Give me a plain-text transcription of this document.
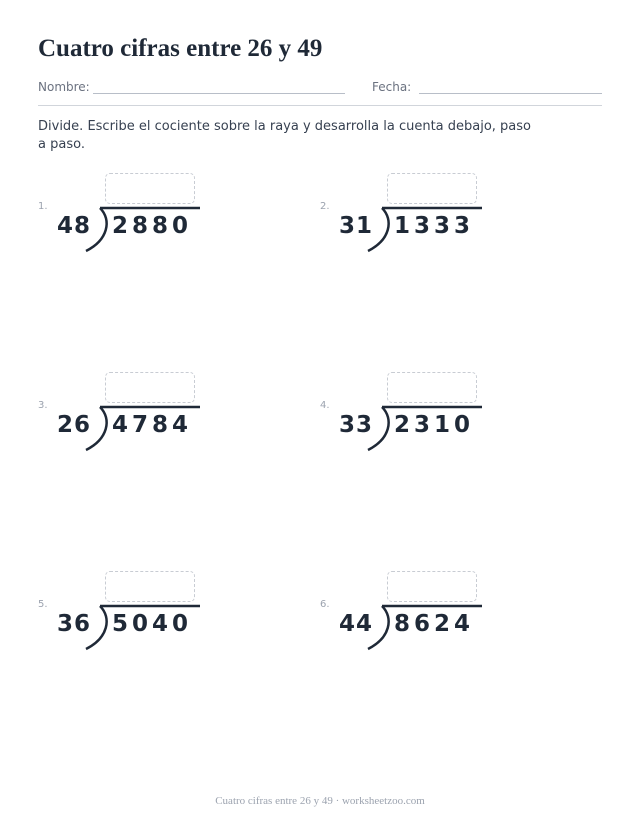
Cuatro cifras entre 26 y 49
Nombre:	Fecha:
Divide. Escribe el cociente sobre la raya y desarrolla la cuenta debajo, paso a paso.
1.
48 2880
2.
31 1333
3.
26 4784
4.
33 2310
5.
36 5040
6.
44 8624
Cuatro cifras entre 26 y 49 · worksheetzoo.com
